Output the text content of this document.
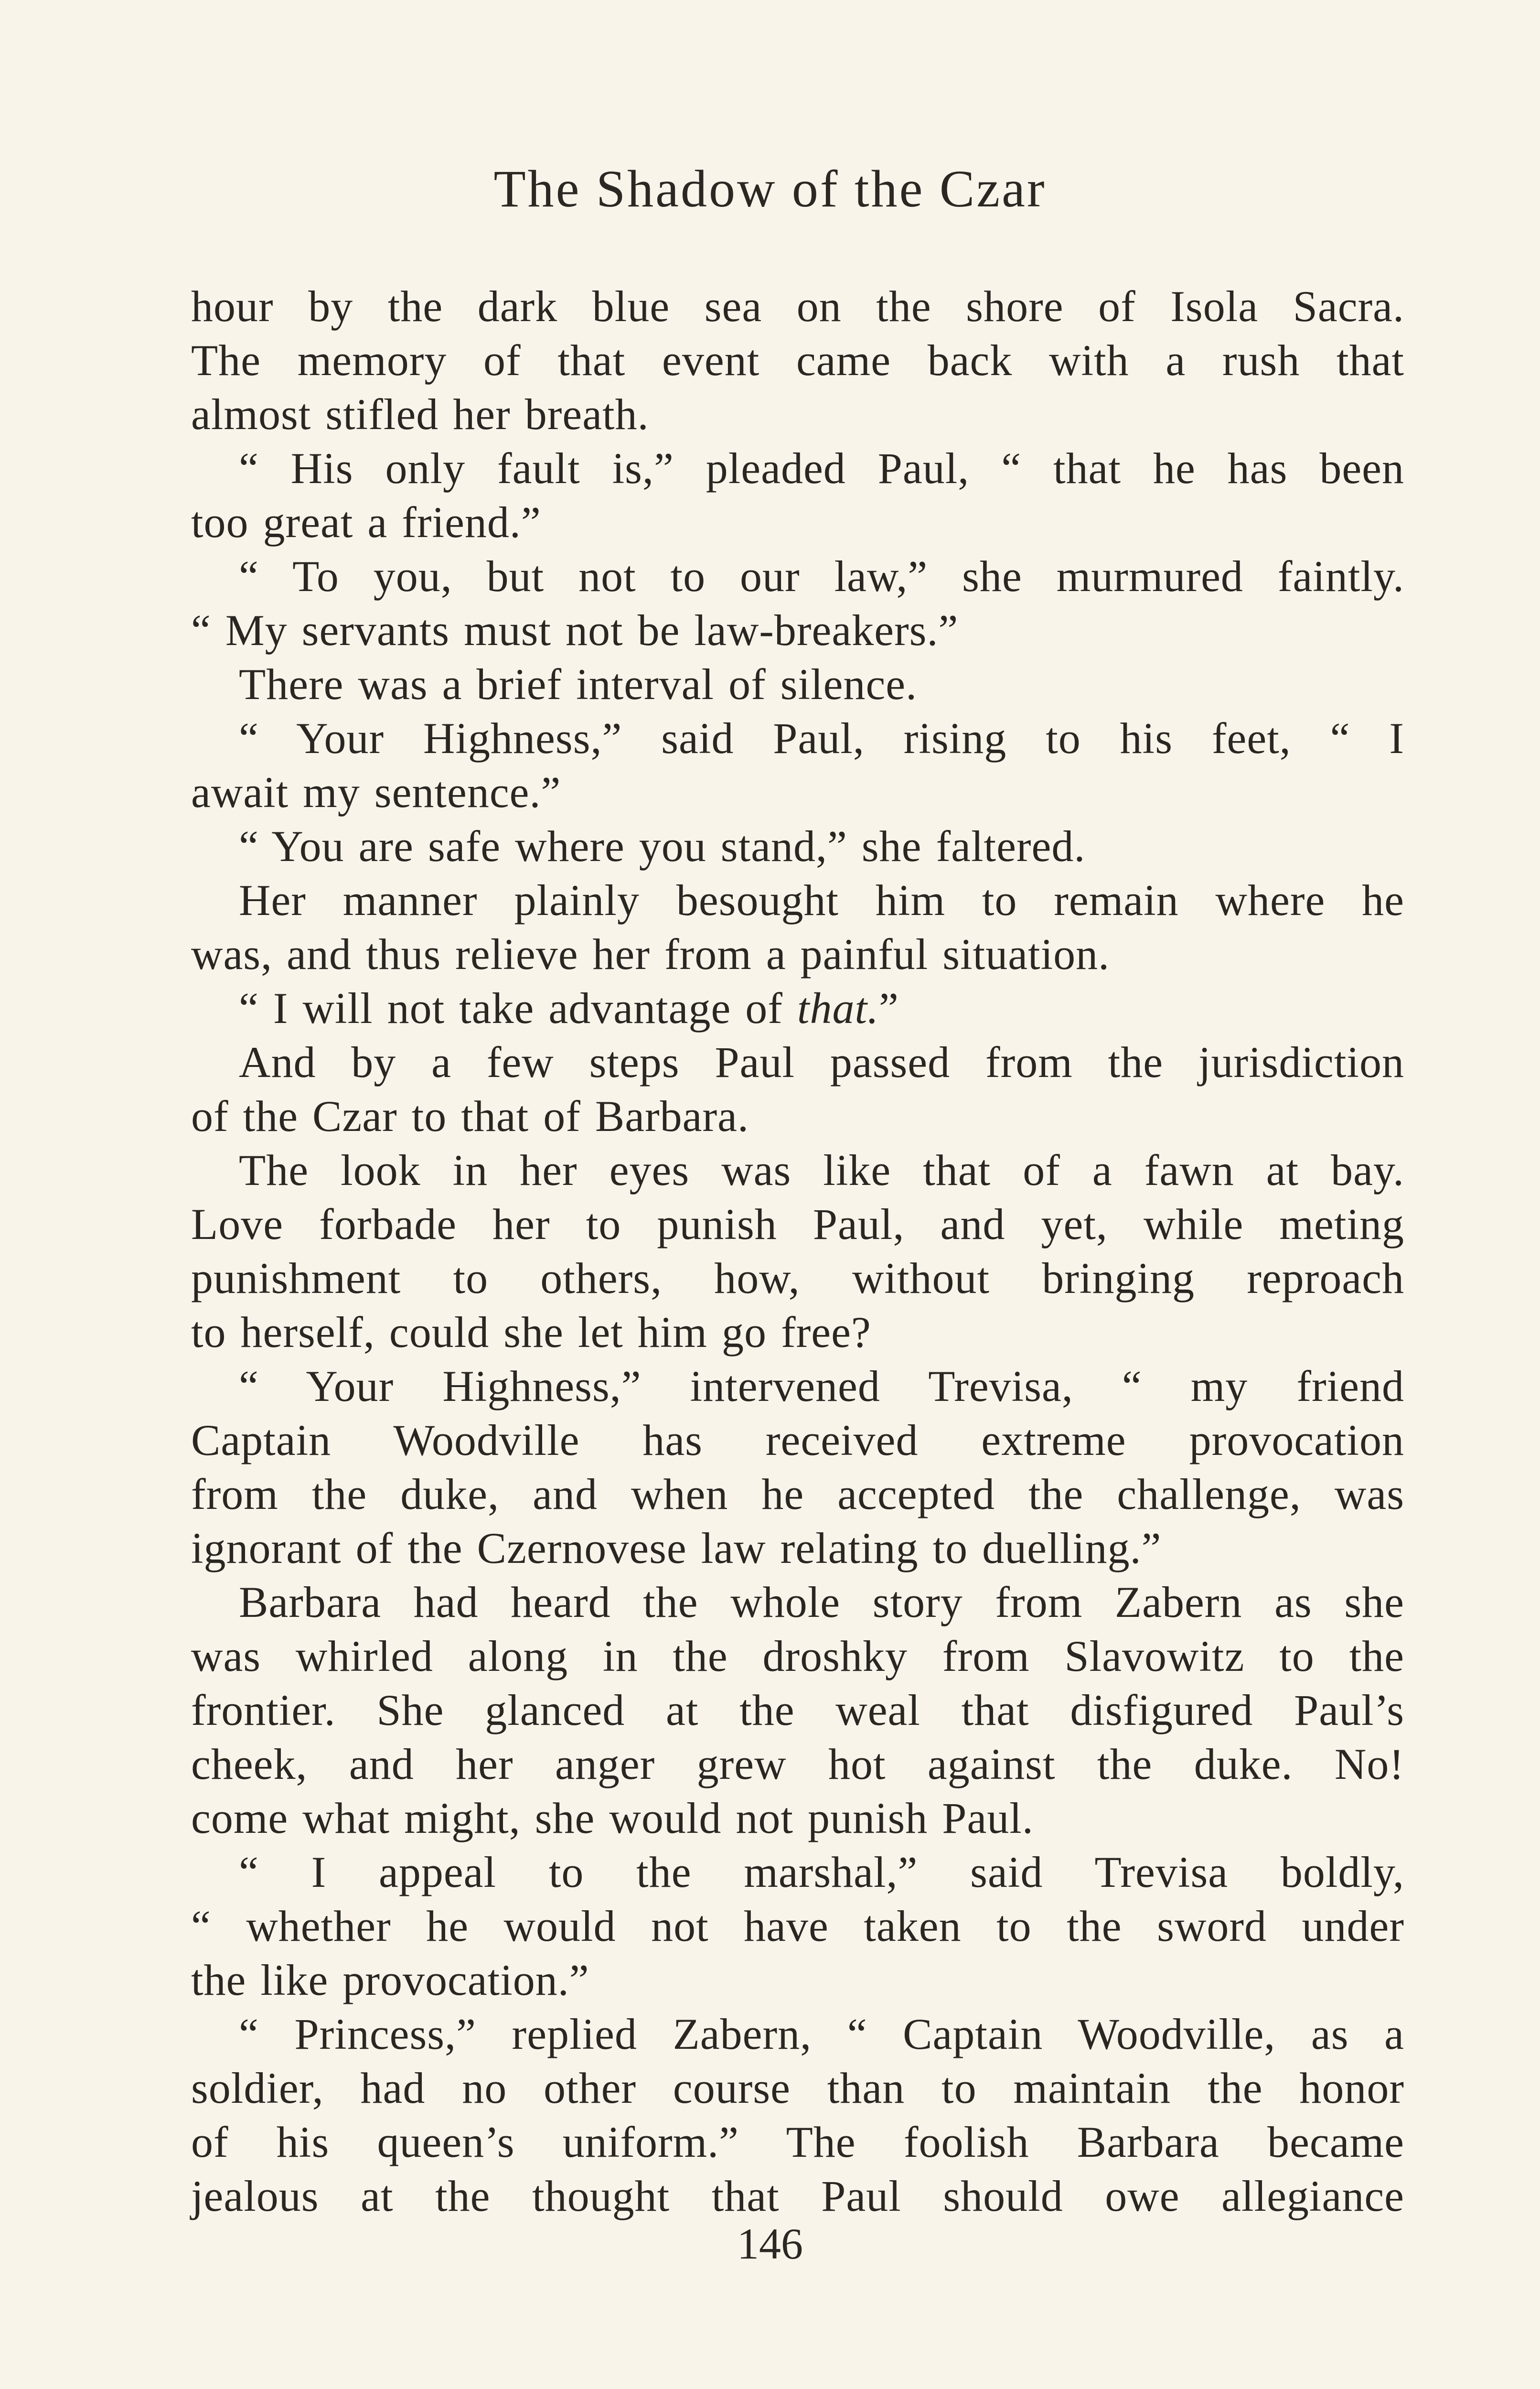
The Shadow of the Czar
hour by the dark blue sea on the shore of Isola Sacra.
The memory of that event came back with a rush that
almost stifled her breath.
“ His only fault is,” pleaded Paul, “ that he has been
too great a friend.”
“ To you, but not to our law,” she murmured faintly.
“ My servants must not be law-breakers.”
There was a brief interval of silence.
“ Your Highness,” said Paul, rising to his feet, “ I
await my sentence.”
“ You are safe where you stand,” she faltered.
Her manner plainly besought him to remain where he
was, and thus relieve her from a painful situation.
“ I will not take advantage of that.”
And by a few steps Paul passed from the jurisdiction
of the Czar to that of Barbara.
The look in her eyes was like that of a fawn at bay.
Love forbade her to punish Paul, and yet, while meting
punishment to others, how, without bringing reproach
to herself, could she let him go free?
“ Your Highness,” intervened Trevisa, “ my friend
Captain Woodville has received extreme provocation
from the duke, and when he accepted the challenge, was
ignorant of the Czernovese law relating to duelling.”
Barbara had heard the whole story from Zabern as she
was whirled along in the droshky from Slavowitz to the
frontier. She glanced at the weal that disfigured Paul’s
cheek, and her anger grew hot against the duke. No!
come what might, she would not punish Paul.
“ I appeal to the marshal,” said Trevisa boldly,
“ whether he would not have taken to the sword under
the like provocation.”
“ Princess,” replied Zabern, “ Captain Woodville, as a
soldier, had no other course than to maintain the honor
of his queen’s uniform.” The foolish Barbara became
jealous at the thought that Paul should owe allegiance
146
